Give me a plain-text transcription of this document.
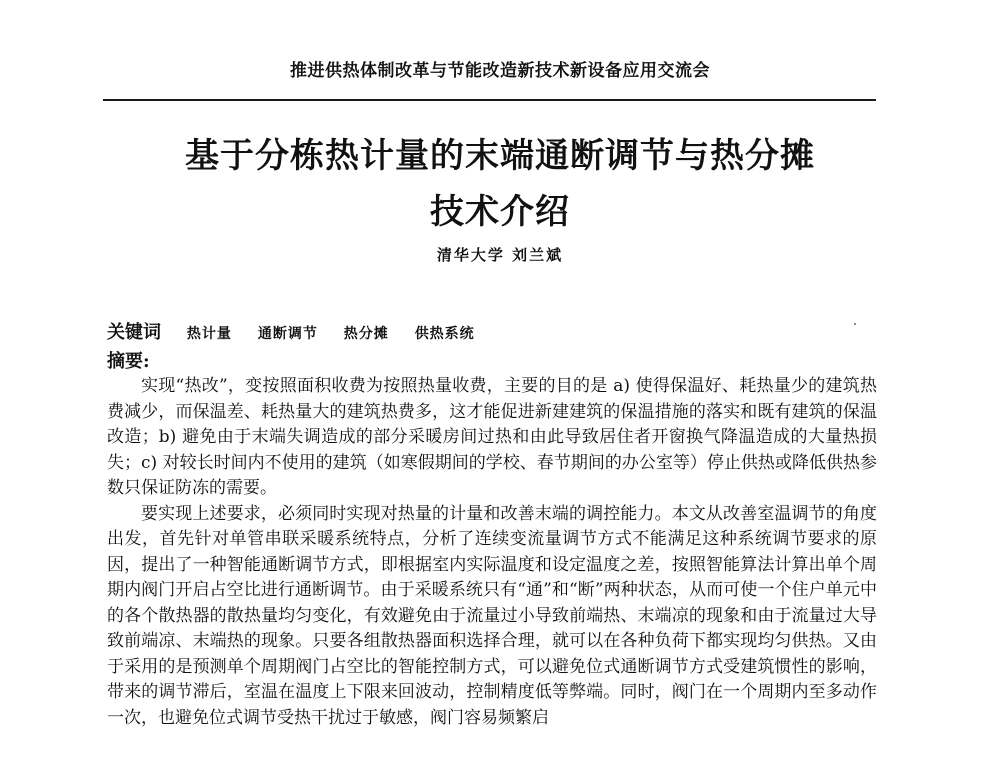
推进供热体制改革与节能改造新技术新设备应用交流会
基于分栋热计量的末端通断调节与热分摊
技术介绍
清华大学 刘兰斌
关键词 热计量 通断调节 热分摊 供热系统
摘要:

实现“热改”，变按照面积收费为按照热量收费，主要的目的是 a) 使得保温好、耗热量少的建筑热费减少，而保温差、耗热量大的建筑热费多，这才能促进新建建筑的保温措施的落实和既有建筑的保温改造；b) 避免由于末端失调造成的部分采暖房间过热和由此导致居住者开窗换气降温造成的大量热损失；c) 对较长时间内不使用的建筑（如寒假期间的学校、春节期间的办公室等）停止供热或降低供热参数只保证防冻的需要。

要实现上述要求，必须同时实现对热量的计量和改善末端的调控能力。本文从改善室温调节的角度出发，首先针对单管串联采暖系统特点，分析了连续变流量调节方式不能满足这种系统调节要求的原因，提出了一种智能通断调节方式，即根据室内实际温度和设定温度之差，按照智能算法计算出单个周期内阀门开启占空比进行通断调节。由于采暖系统只有“通”和“断”两种状态，从而可使一个住户单元中的各个散热器的散热量均匀变化，有效避免由于流量过小导致前端热、末端凉的现象和由于流量过大导致前端凉、末端热的现象。只要各组散热器面积选择合理，就可以在各种负荷下都实现均匀供热。又由于采用的是预测单个周期阀门占空比的智能控制方式，可以避免位式通断调节方式受建筑惯性的影响，带来的调节滞后，室温在温度上下限来回波动，控制精度低等弊端。同时，阀门在一个周期内至多动作一次，也避免位式调节受热干扰过于敏感，阀门容易频繁启
